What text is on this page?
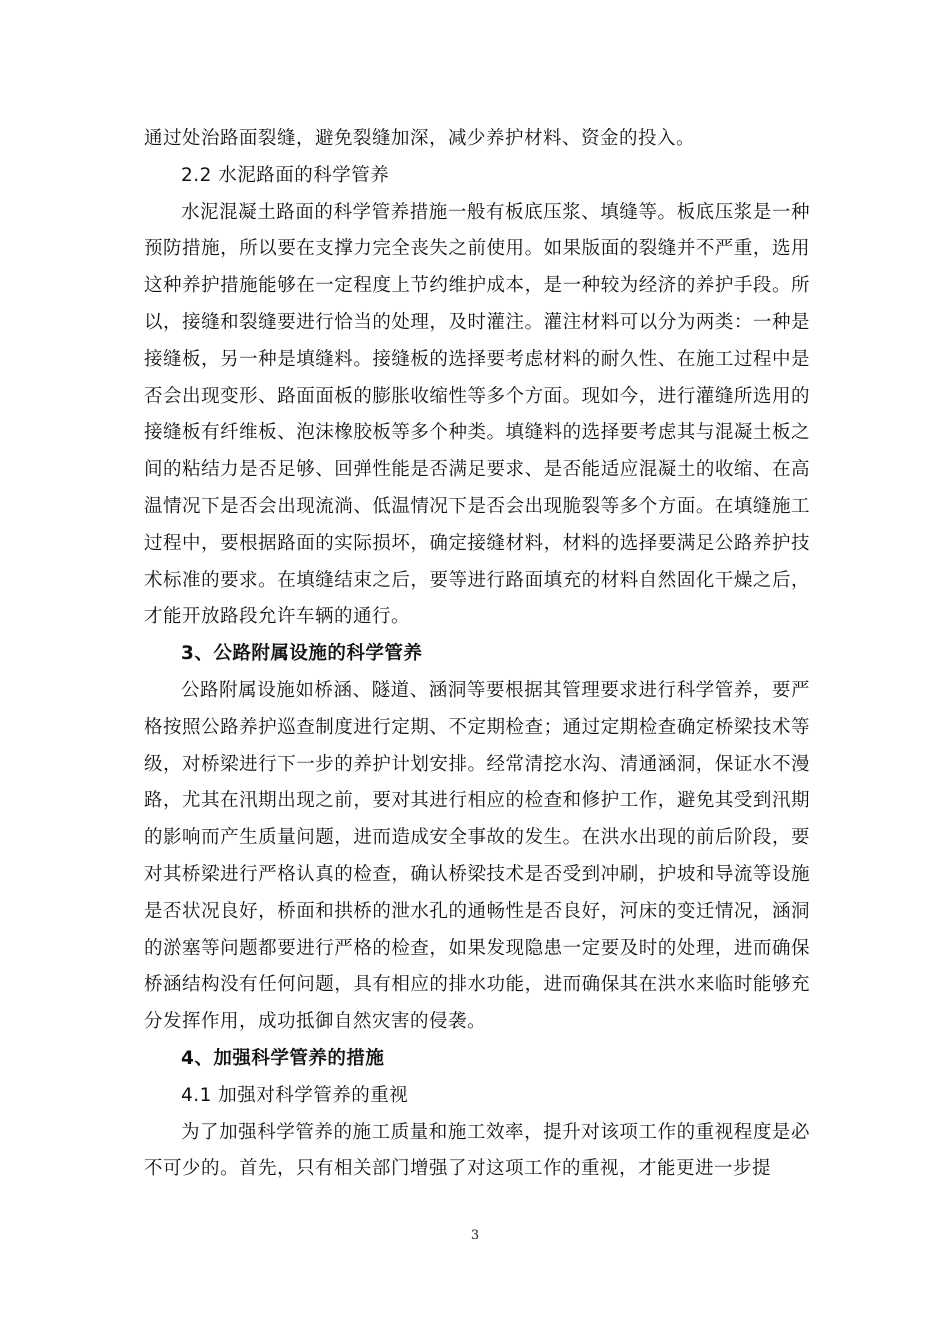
通过处治路面裂缝，避免裂缝加深，减少养护材料、资金的投入。

2.2 水泥路面的科学管养

水泥混凝土路面的科学管养措施一般有板底压浆、填缝等。板底压浆是一种预防措施，所以要在支撑力完全丧失之前使用。如果版面的裂缝并不严重，选用这种养护措施能够在一定程度上节约维护成本，是一种较为经济的养护手段。所以，接缝和裂缝要进行恰当的处理，及时灌注。灌注材料可以分为两类：一种是接缝板，另一种是填缝料。接缝板的选择要考虑材料的耐久性、在施工过程中是否会出现变形、路面面板的膨胀收缩性等多个方面。现如今，进行灌缝所选用的接缝板有纤维板、泡沫橡胶板等多个种类。填缝料的选择要考虑其与混凝土板之间的粘结力是否足够、回弹性能是否满足要求、是否能适应混凝土的收缩、在高温情况下是否会出现流淌、低温情况下是否会出现脆裂等多个方面。在填缝施工过程中，要根据路面的实际损坏，确定接缝材料，材料的选择要满足公路养护技术标准的要求。在填缝结束之后，要等进行路面填充的材料自然固化干燥之后，才能开放路段允许车辆的通行。

3、公路附属设施的科学管养

公路附属设施如桥涵、隧道、涵洞等要根据其管理要求进行科学管养，要严格按照公路养护巡查制度进行定期、不定期检查；通过定期检查确定桥梁技术等级，对桥梁进行下一步的养护计划安排。经常清挖水沟、清通涵洞，保证水不漫路，尤其在汛期出现之前，要对其进行相应的检查和修护工作，避免其受到汛期的影响而产生质量问题，进而造成安全事故的发生。在洪水出现的前后阶段，要对其桥梁进行严格认真的检查，确认桥梁技术是否受到冲刷，护坡和导流等设施是否状况良好，桥面和拱桥的泄水孔的通畅性是否良好，河床的变迁情况，涵洞的淤塞等问题都要进行严格的检查，如果发现隐患一定要及时的处理，进而确保桥涵结构没有任何问题，具有相应的排水功能，进而确保其在洪水来临时能够充分发挥作用，成功抵御自然灾害的侵袭。

4、加强科学管养的措施

4.1 加强对科学管养的重视

为了加强科学管养的施工质量和施工效率，提升对该项工作的重视程度是必不可少的。首先，只有相关部门增强了对这项工作的重视，才能更进一步提

3
